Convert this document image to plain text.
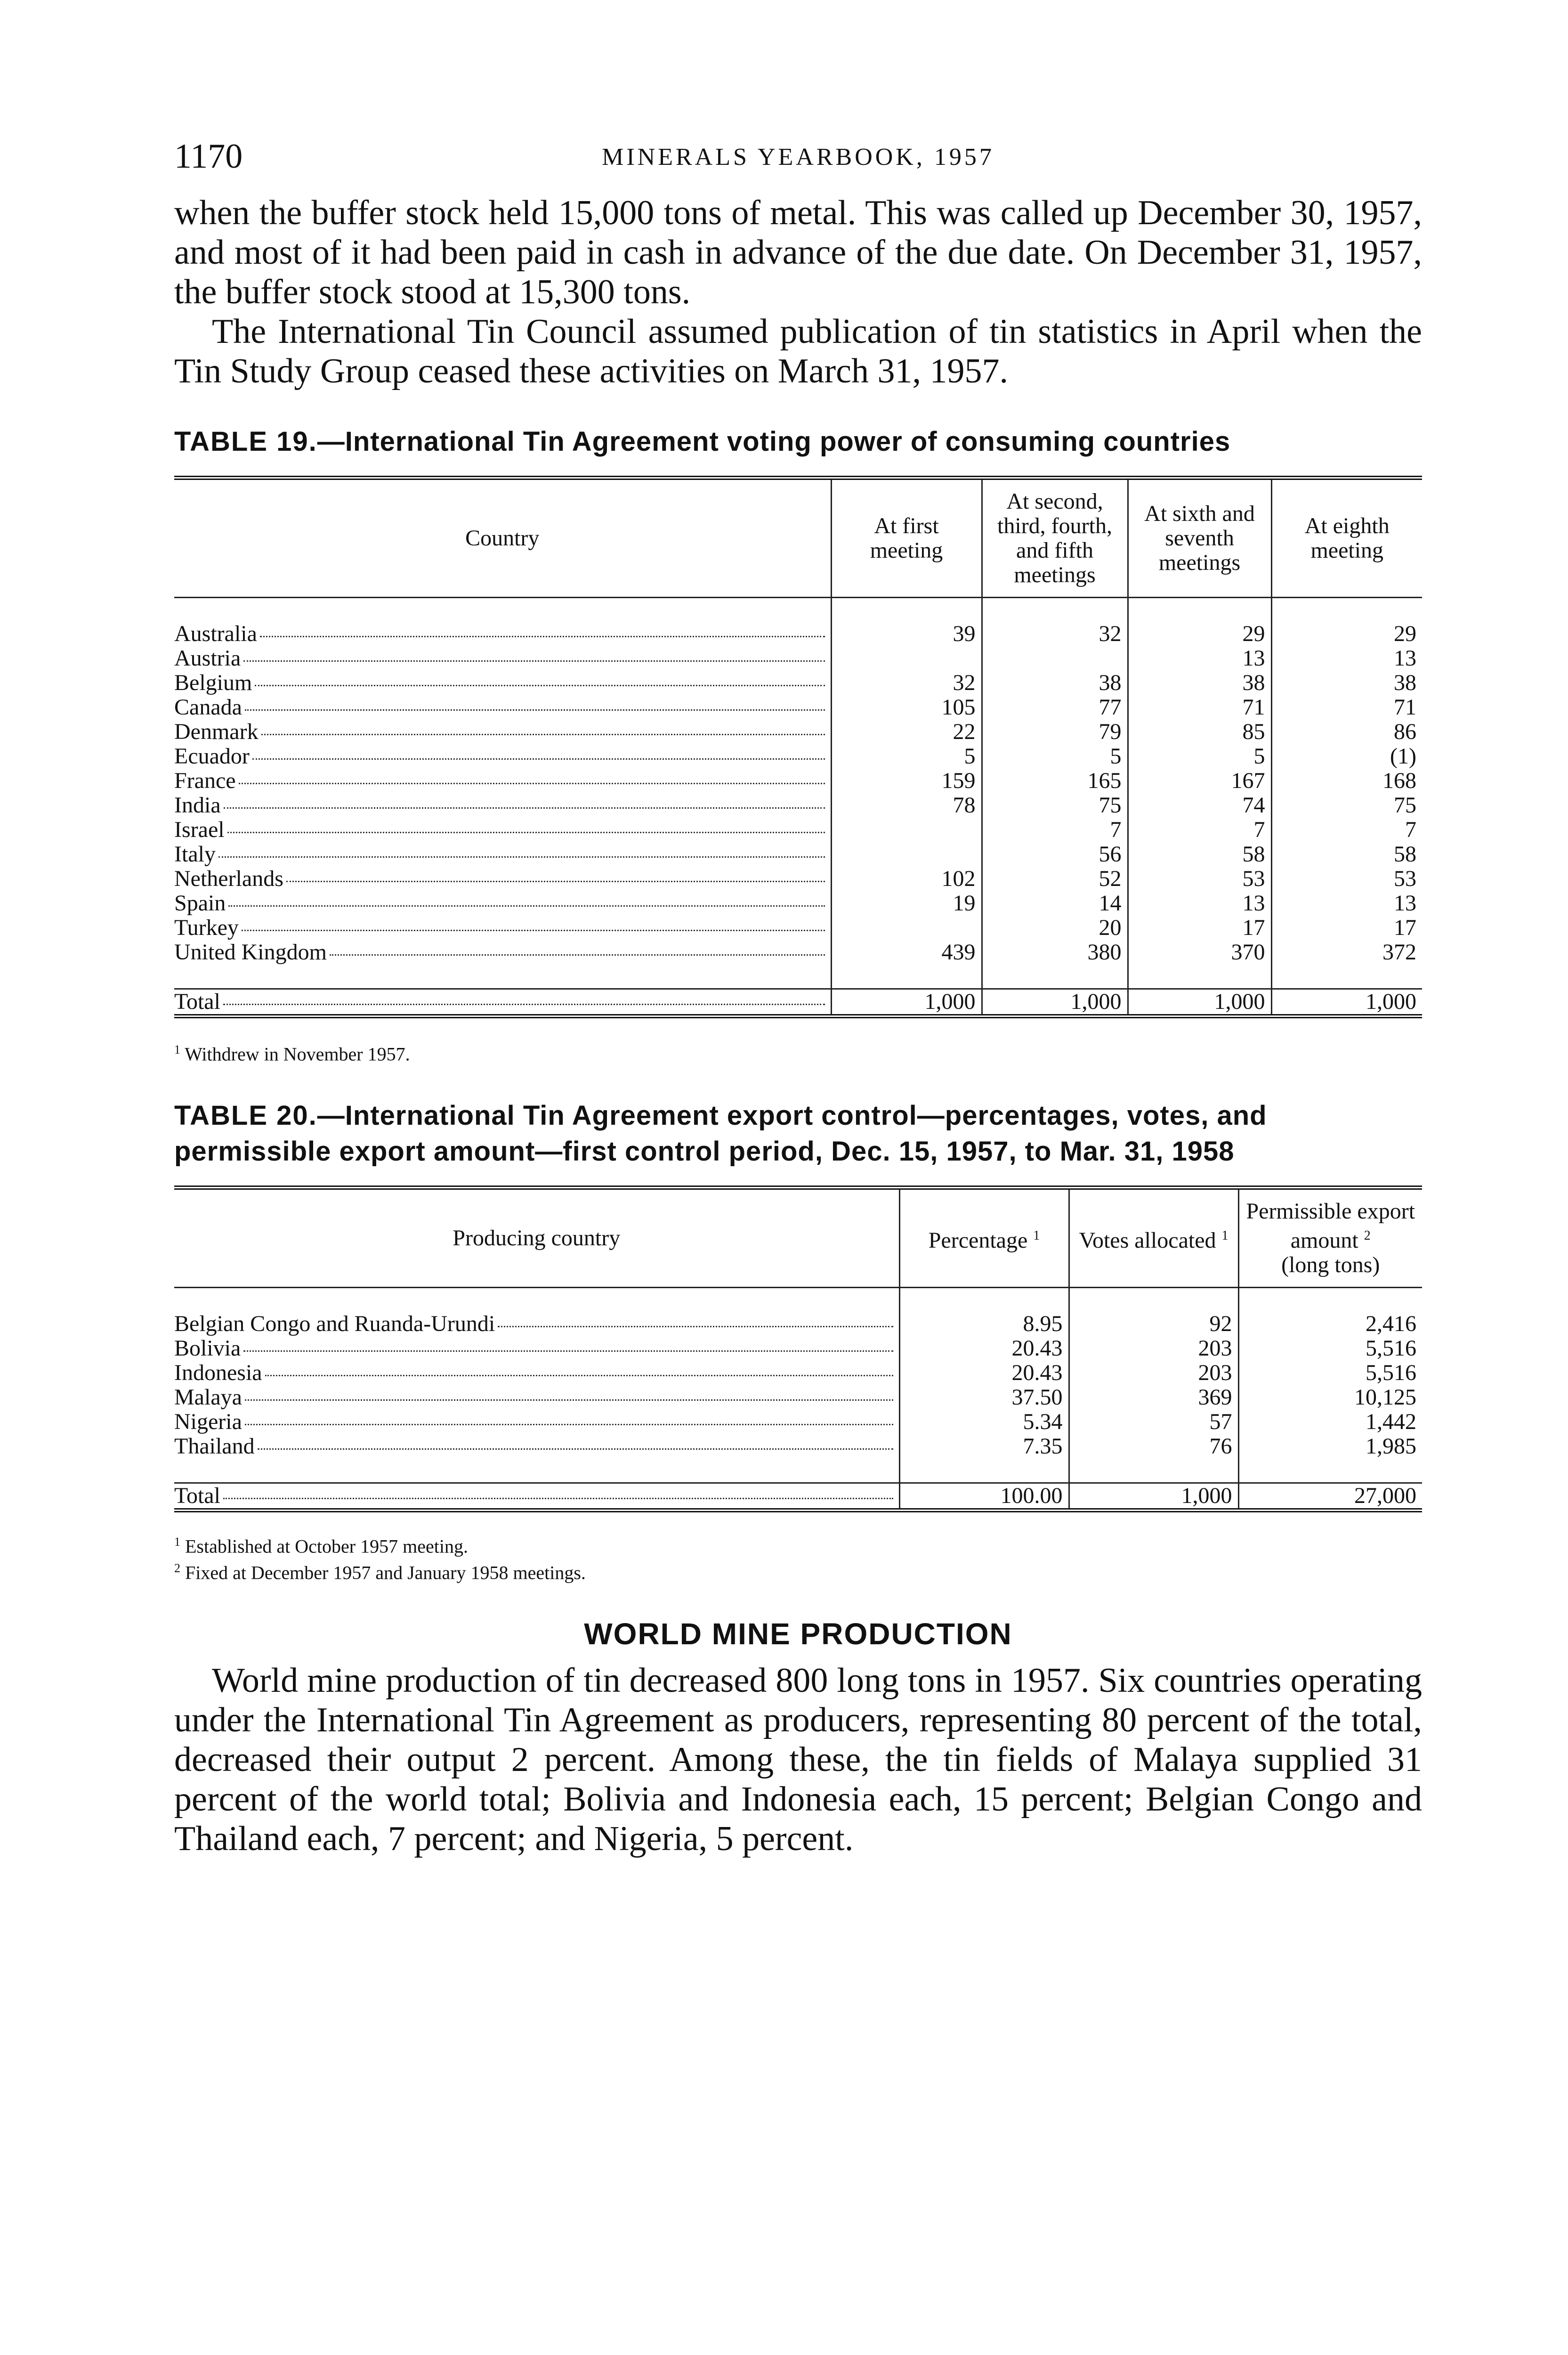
1170	MINERALS YEARBOOK, 1957

when the buffer stock held 15,000 tons of metal. This was called up December 30, 1957, and most of it had been paid in cash in advance of the due date. On December 31, 1957, the buffer stock stood at 15,300 tons.

The International Tin Council assumed publication of tin statistics in April when the Tin Study Group ceased these activities on March 31, 1957.

TABLE 19.—International Tin Agreement voting power of consuming countries
Country	At first meeting	At second, third, fourth, and fifth meetings	At sixth and seventh meetings	At eighth meeting

Australia	39	32	29	29

Austria			13	13

Belgium	32	38	38	38

Canada	105	77	71	71

Denmark	22	79	85	86

Ecuador	5	5	5	(1)

France	159	165	167	168

India	78	75	74	75

Israel		7	7	7

Italy		56	58	58

Netherlands	102	52	53	53

Spain	19	14	13	13

Turkey		20	17	17

United Kingdom	439	380	370	372

Total	1,000	1,000	1,000	1,000

$^1$ Withdrew in November 1957.

TABLE 20.—International Tin Agreement export control—percentages, votes, and permissible export amount—first control period, Dec. 15, 1957, to Mar. 31, 1958
Producing country	Percentage $^1$	Votes allocated $^1$	Permissible export amount $^2$
(long tons)

Belgian Congo and Ruanda-Urundi	8.95	92	2,416

Bolivia	20.43	203	5,516

Indonesia	20.43	203	5,516

Malaya	37.50	369	10,125

Nigeria	5.34	57	1,442

Thailand	7.35	76	1,985

Total	100.00	1,000	27,000

$^1$ Established at October 1957 meeting.

$^2$ Fixed at December 1957 and January 1958 meetings.

WORLD MINE PRODUCTION

World mine production of tin decreased 800 long tons in 1957. Six countries operating under the International Tin Agreement as producers, representing 80 percent of the total, decreased their output 2 percent. Among these, the tin fields of Malaya supplied 31 percent of the world total; Bolivia and Indonesia each, 15 percent; Belgian Congo and Thailand each, 7 percent; and Nigeria, 5 percent.
